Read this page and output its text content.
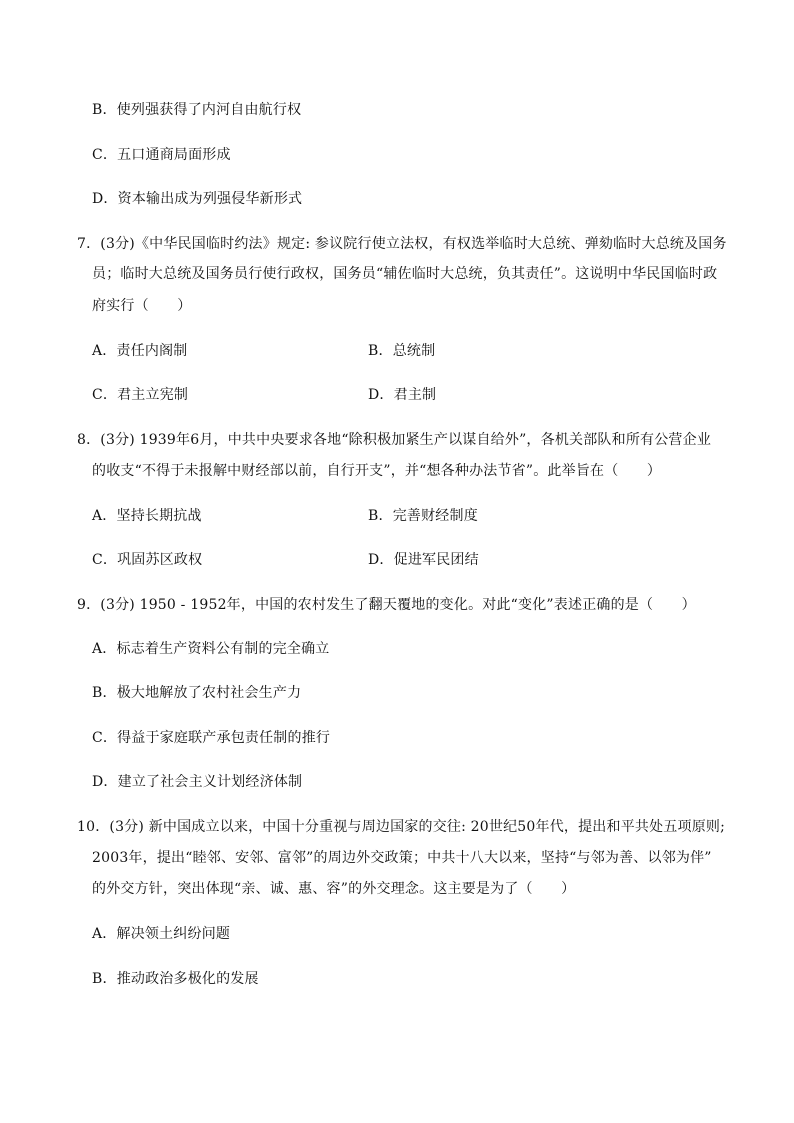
B．使列强获得了内河自由航行权
C．五口通商局面形成
D．资本输出成为列强侵华新形式
7．(3分)《中华民国临时约法》规定: 参议院行使立法权，有权选举临时大总统、弹劾临时大总统及国务
员；临时大总统及国务员行使行政权，国务员“辅佐临时大总统，负其责任”。这说明中华民国临时政
府实行（　　）
A．责任内阁制	B．总统制
C．君主立宪制	D．君主制
8．(3分) 1939年6月，中共中央要求各地“除积极加紧生产以谋自给外”，各机关部队和所有公营企业
的收支“不得于未报解中财经部以前，自行开支”，并“想各种办法节省”。此举旨在（　　）
A．坚持长期抗战	B．完善财经制度
C．巩固苏区政权	D．促进军民团结
9．(3分) 1950 - 1952年，中国的农村发生了翻天覆地的变化。对此“变化”表述正确的是（　　）
A．标志着生产资料公有制的完全确立
B．极大地解放了农村社会生产力
C．得益于家庭联产承包责任制的推行
D．建立了社会主义计划经济体制
10．(3分) 新中国成立以来，中国十分重视与周边国家的交往: 20世纪50年代，提出和平共处五项原则;
2003年，提出“睦邻、安邻、富邻”的周边外交政策；中共十八大以来，坚持“与邻为善、以邻为伴”
的外交方针，突出体现“亲、诚、惠、容”的外交理念。这主要是为了（　　）
A．解决领土纠纷问题
B．推动政治多极化的发展
